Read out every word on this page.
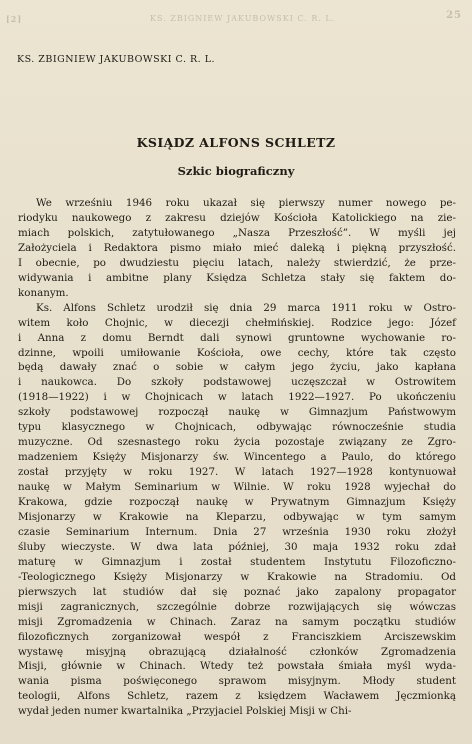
[2]	KS. ZBIGNIEW JAKUBOWSKI C. R. L.	25
KS. ZBIGNIEW JAKUBOWSKI C. R. L.
KSIĄDZ ALFONS SCHLETZ
Szkic biograficzny
We wrześniu 1946 roku ukazał się pierwszy numer nowego pe-
riodyku naukowego z zakresu dziejów Kościoła Katolickiego na zie-
miach polskich, zatytułowanego „Nasza Przeszłość”. W myśli jej
Założyciela i Redaktora pismo miało mieć daleką i piękną przyszłość.
I obecnie, po dwudziestu pięciu latach, należy stwierdzić, że prze-
widywania i ambitne plany Księdza Schletza stały się faktem do-
konanym.
Ks. Alfons Schletz urodził się dnia 29 marca 1911 roku w Ostro-
witem koło Chojnic, w diecezji chełmińskiej. Rodzice jego: Józef
i Anna z domu Berndt dali synowi gruntowne wychowanie ro-
dzinne, wpoili umiłowanie Kościoła, owe cechy, które tak często
będą dawały znać o sobie w całym jego życiu, jako kapłana
i naukowca. Do szkoły podstawowej uczęszczał w Ostrowitem
(1918—1922) i w Chojnicach w latach 1922—1927. Po ukończeniu
szkoły podstawowej rozpoczął naukę w Gimnazjum Państwowym
typu klasycznego w Chojnicach, odbywając równocześnie studia
muzyczne. Od szesnastego roku życia pozostaje związany ze Zgro-
madzeniem Księży Misjonarzy św. Wincentego a Paulo, do którego
został przyjęty w roku 1927. W latach 1927—1928 kontynuował
naukę w Małym Seminarium w Wilnie. W roku 1928 wyjechał do
Krakowa, gdzie rozpoczął naukę w Prywatnym Gimnazjum Księży
Misjonarzy w Krakowie na Kleparzu, odbywając w tym samym
czasie Seminarium Internum. Dnia 27 września 1930 roku złożył
śluby wieczyste. W dwa lata później, 30 maja 1932 roku zdał
maturę w Gimnazjum i został studentem Instytutu Filozoficzno-
-Teologicznego Księży Misjonarzy w Krakowie na Stradomiu. Od
pierwszych lat studiów dał się poznać jako zapalony propagator
misji zagranicznych, szczególnie dobrze rozwijających się wówczas
misji Zgromadzenia w Chinach. Zaraz na samym początku studiów
filozoficznych zorganizował wespół z Franciszkiem Arciszewskim
wystawę misyjną obrazującą działalność członków Zgromadzenia
Misji, głównie w Chinach. Wtedy też powstała śmiała myśl wyda-
wania pisma poświęconego sprawom misyjnym. Młody student
teologii, Alfons Schletz, razem z księdzem Wacławem Jęczmionką
wydał jeden numer kwartalnika „Przyjaciel Polskiej Misji w Chi-
